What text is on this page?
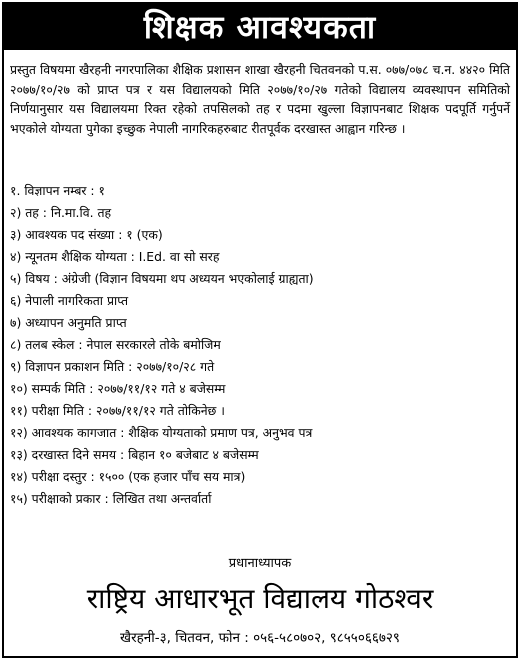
शिक्षक आवश्यकता

प्रस्तुत विषयमा खैरहनी नगरपालिका शैक्षिक प्रशासन शाखा खैरहनी चितवनको प.स. ०७७/०७८ च.न. ४४२० मिति २०७७/१०/२७ को प्राप्त पत्र र यस विद्यालयको मिति २०७७/१०/२७ गतेको विद्यालय व्यवस्थापन समितिको निर्णयानुसार यस विद्यालयमा रिक्त रहेको तपसिलको तह र पदमा खुल्ला विज्ञापनबाट शिक्षक पदपूर्ति गर्नुपर्ने भएकोले योग्यता पुगेका इच्छुक नेपाली नागरिकहरुबाट रीतपूर्वक दरखास्त आह्वान गरिन्छ ।

१. विज्ञापन नम्बर : १
२) तह : नि.मा.वि. तह
३) आवश्यक पद संख्या : १ (एक)
४) न्यूनतम शैक्षिक योग्यता : I.Ed. वा सो सरह
५) विषय : अंग्रेजी (विज्ञान विषयमा थप अध्ययन भएकोलाई ग्राह्यता)
६) नेपाली नागरिकता प्राप्त
७) अध्यापन अनुमति प्राप्त
८) तलब स्केल : नेपाल सरकारले तोके बमोजिम
९) विज्ञापन प्रकाशन मिति : २०७७/१०/२८ गते
१०) सम्पर्क मिति : २०७७/११/१२ गते ४ बजेसम्म
११) परीक्षा मिति : २०७७/११/१२ गते तोकिनेछ ।
१२) आवश्यक कागजात : शैक्षिक योग्यताको प्रमाण पत्र, अनुभव पत्र
१३) दरखास्त दिने समय : बिहान १० बजेबाट ४ बजेसम्म
१४) परीक्षा दस्तुर : १५०० (एक हजार पाँच सय मात्र)
१५) परीक्षाको प्रकार : लिखित तथा अन्तर्वार्ता
प्रधानाध्यापक
राष्ट्रिय आधारभूत विद्यालय गोठश्वर
खैरहनी-३, चितवन, फोन : ०५६-५८०७०२, ९८५५०६६७२९
